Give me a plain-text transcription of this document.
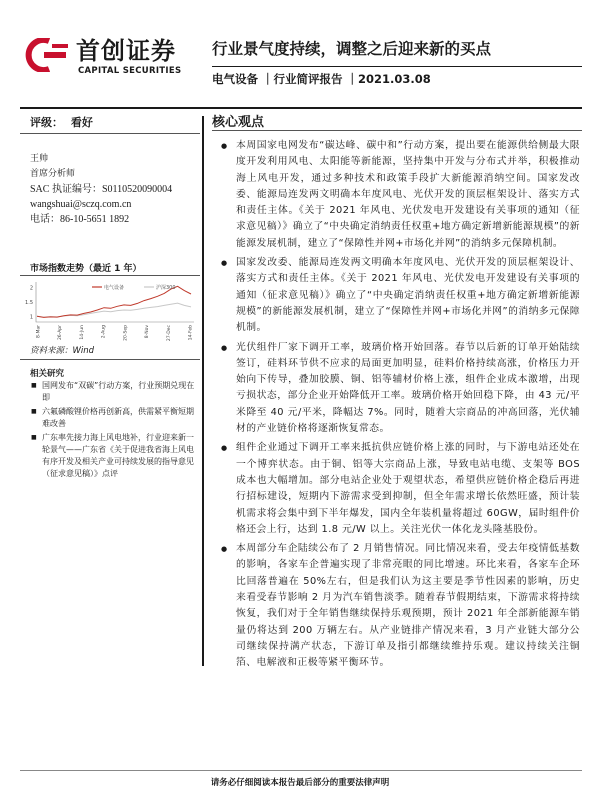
首创证券
CAPITAL SECURITIES
行业景气度持续，调整之后迎来新的买点
电气设备 ｜行业简评报告 ｜2021.03.08
评级： 看好
王帅
首席分析师
SAC 执证编号：S0110520090004
wangshuai@sczq.com.cn
电话：86-10-5651 1892
市场指数走势（最近 1 年）
1
1.5
2
8-Mar	26-Apr	14-Jun	2-Aug	20-Sep	8-Nov	27-Dec	14-Feb
电气设备	沪深300
资料来源：Wind
相关研究
■ 国网发布“双碳”行动方案，行业预期兑现在即
■ 六氟磷酸锂价格再创新高，供需紧平衡短期难改善
■ 广东率先接力海上风电地补，行业迎来新一轮景气——广东省《关于促进我省海上风电有序开发及相关产业可持续发展的指导意见（征求意见稿）》点评
核心观点
● 本周国家电网发布“碳达峰、碳中和”行动方案，提出要在能源供给侧最大限度开发利用风电、太阳能等新能源，坚持集中开发与分布式并举，积极推动海上风电开发，通过多种技术和政策手段扩大新能源消纳空间。国家发改委、能源局连发两文明确本年度风电、光伏开发的顶层框架设计、落实方式和责任主体。《关于 2021 年风电、光伏发电开发建设有关事项的通知（征求意见稿）》确立了“中央确定消纳责任权重+地方确定新增新能源规模”的新能源发展机制，建立了“保障性并网+市场化并网”的消纳多元保障机制。
● 国家发改委、能源局连发两文明确本年度风电、光伏开发的顶层框架设计、落实方式和责任主体。《关于 2021 年风电、光伏发电开发建设有关事项的通知（征求意见稿）》确立了“中央确定消纳责任权重+地方确定新增新能源规模”的新能源发展机制，建立了“保障性并网+市场化并网”的消纳多元保障机制。
● 光伏组件厂家下调开工率，玻璃价格开始回落。春节以后新的订单开始陆续签订，硅料环节供不应求的局面更加明显，硅料价格持续高涨，价格压力开始向下传导，叠加胶膜、铜、铝等辅材价格上涨，组件企业成本激增，出现亏损状态，部分企业开始降低开工率。玻璃价格开始回稳下降，由 43 元/平米降至 40 元/平米，降幅达 7%。同时，随着大宗商品的冲高回落，光伏辅材的产业链价格将逐渐恢复常态。
● 组件企业通过下调开工率来抵抗供应链价格上涨的同时，与下游电站还处在一个博弈状态。由于铜、铝等大宗商品上涨，导致电站电缆、支架等 BOS 成本也大幅增加。部分电站企业处于观望状态，希望供应链价格企稳后再进行招标建设，短期内下游需求受到抑制，但全年需求增长依然旺盛，预计装机需求将会集中到下半年爆发，国内全年装机量将超过 60GW，届时组件价格还会上行，达到 1.8 元/W 以上。关注光伏一体化龙头隆基股份。
● 本周部分车企陆续公布了 2 月销售情况。同比情况来看，受去年疫情低基数的影响，各家车企普遍实现了非常亮眼的同比增速。环比来看，各家车企环比回落普遍在 50%左右，但是我们认为这主要是季节性因素的影响，历史来看受春节影响 2 月为汽车销售淡季。随着春节假期结束，下游需求将持续恢复，我们对于全年销售继续保持乐观预期，预计 2021 年全部新能源车销量仍将达到 200 万辆左右。从产业链排产情况来看，3 月产业链大部分公司继续保持满产状态，下游订单及指引都继续维持乐观。建议持续关注铜箔、电解液和正极等紧平衡环节。
请务必仔细阅读本报告最后部分的重要法律声明
